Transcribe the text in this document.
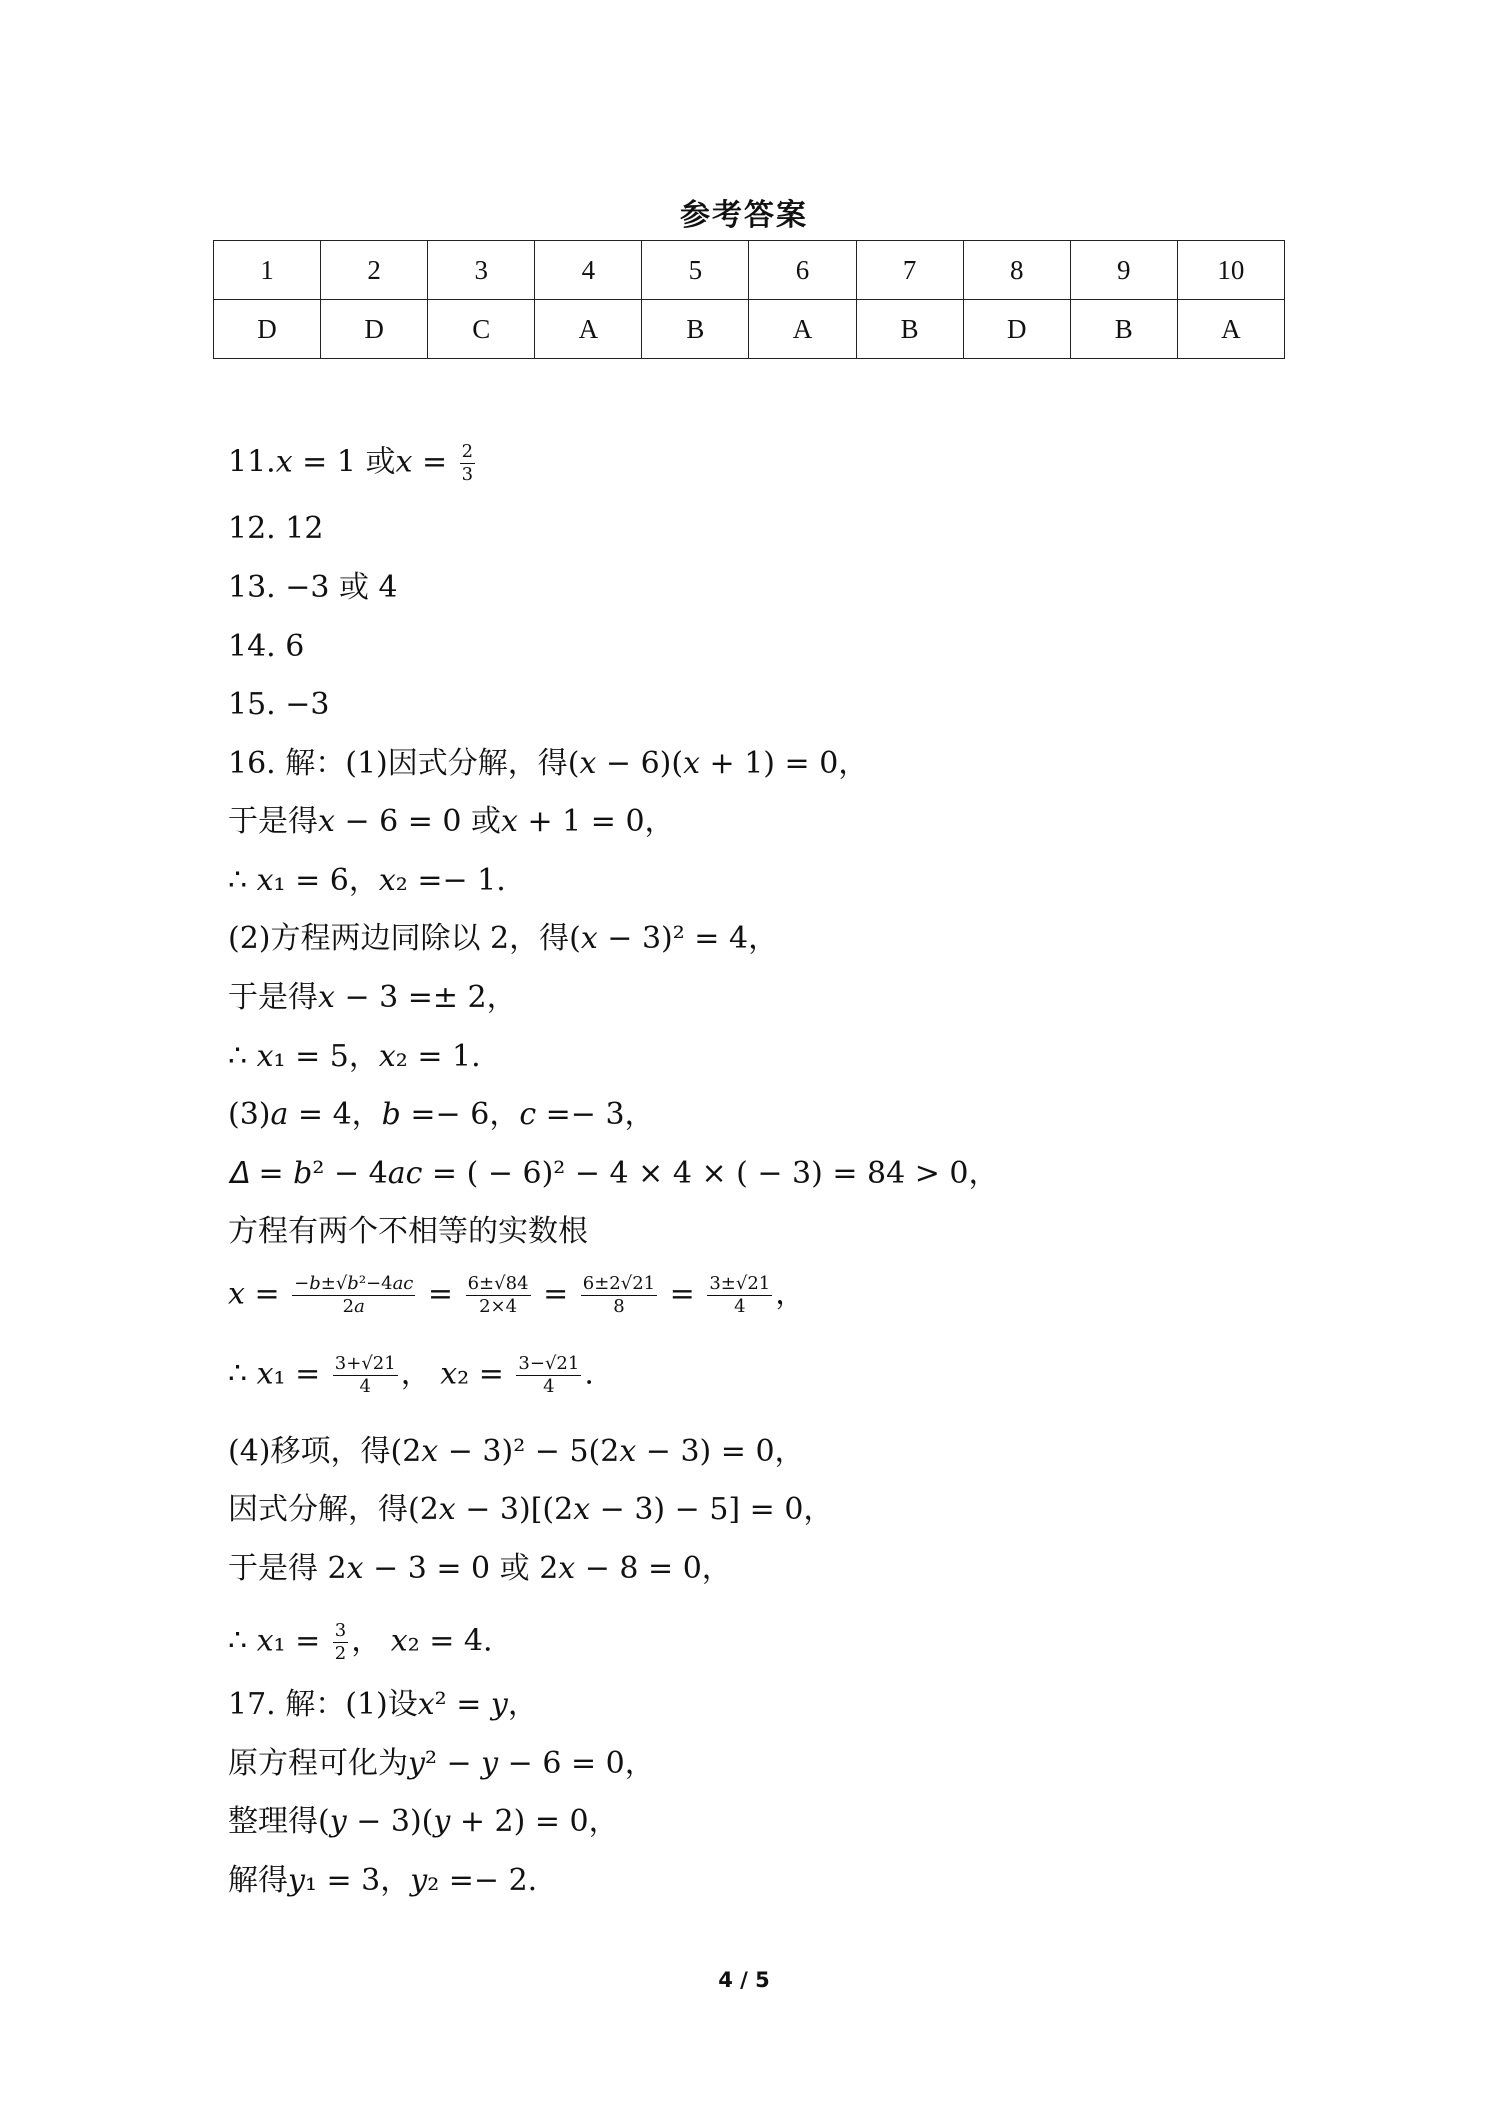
参考答案
1	2	3	4	5	6	7	8	9	10
D	D	C	A	B	A	B	D	B	A
11.x = 1 或$x = \frac{2}{3}$
12. 12
13. −3 或 4
14. 6
15. −3
16. 解：(1)因式分解，得(𝑥 − 6)(𝑥 + 1) = 0，
于是得𝑥 − 6 = 0 或𝑥 + 1 = 0，
∴ 𝑥₁ = 6，𝑥₂ =− 1.
(2)方程两边同除以 2，得(𝑥 − 3)² = 4，
于是得𝑥 − 3 =± 2，
∴ 𝑥₁ = 5，𝑥₂ = 1.
(3)𝑎 = 4，𝑏 =− 6，𝑐 =− 3，
𝛥 = 𝑏² − 4𝑎𝑐 = ( − 6)² − 4 × 4 × ( − 3) = 84 > 0，
方程有两个不相等的实数根
𝑥 = −𝑏±√𝑏²−4𝑎𝑐
2𝑎 = $\frac{6\pm√84}{2\times 4} = \frac{6\pm 2√21}{8} = \frac{3\pm√21}{4}$ ，
∴ 𝑥₁ = $\frac{3+√21}{4}$ ， 𝑥₂ = $\frac{3-√21}{4}$ .
(4)移项，得(2𝑥 − 3)² − 5(2𝑥 − 3) = 0，
因式分解，得(2𝑥 − 3)[(2𝑥 − 3) − 5] = 0，
于是得 2𝑥 − 3 = 0 或 2𝑥 − 8 = 0，
∴ 𝑥₁ = $\frac{3}{2}$ ， 𝑥₂ = 4.
17. 解：(1)设𝑥² = 𝑦，
原方程可化为𝑦² − 𝑦 − 6 = 0，
整理得(𝑦 − 3)(𝑦 + 2) = 0，
解得𝑦₁ = 3，𝑦₂ =− 2.
4 / 5
